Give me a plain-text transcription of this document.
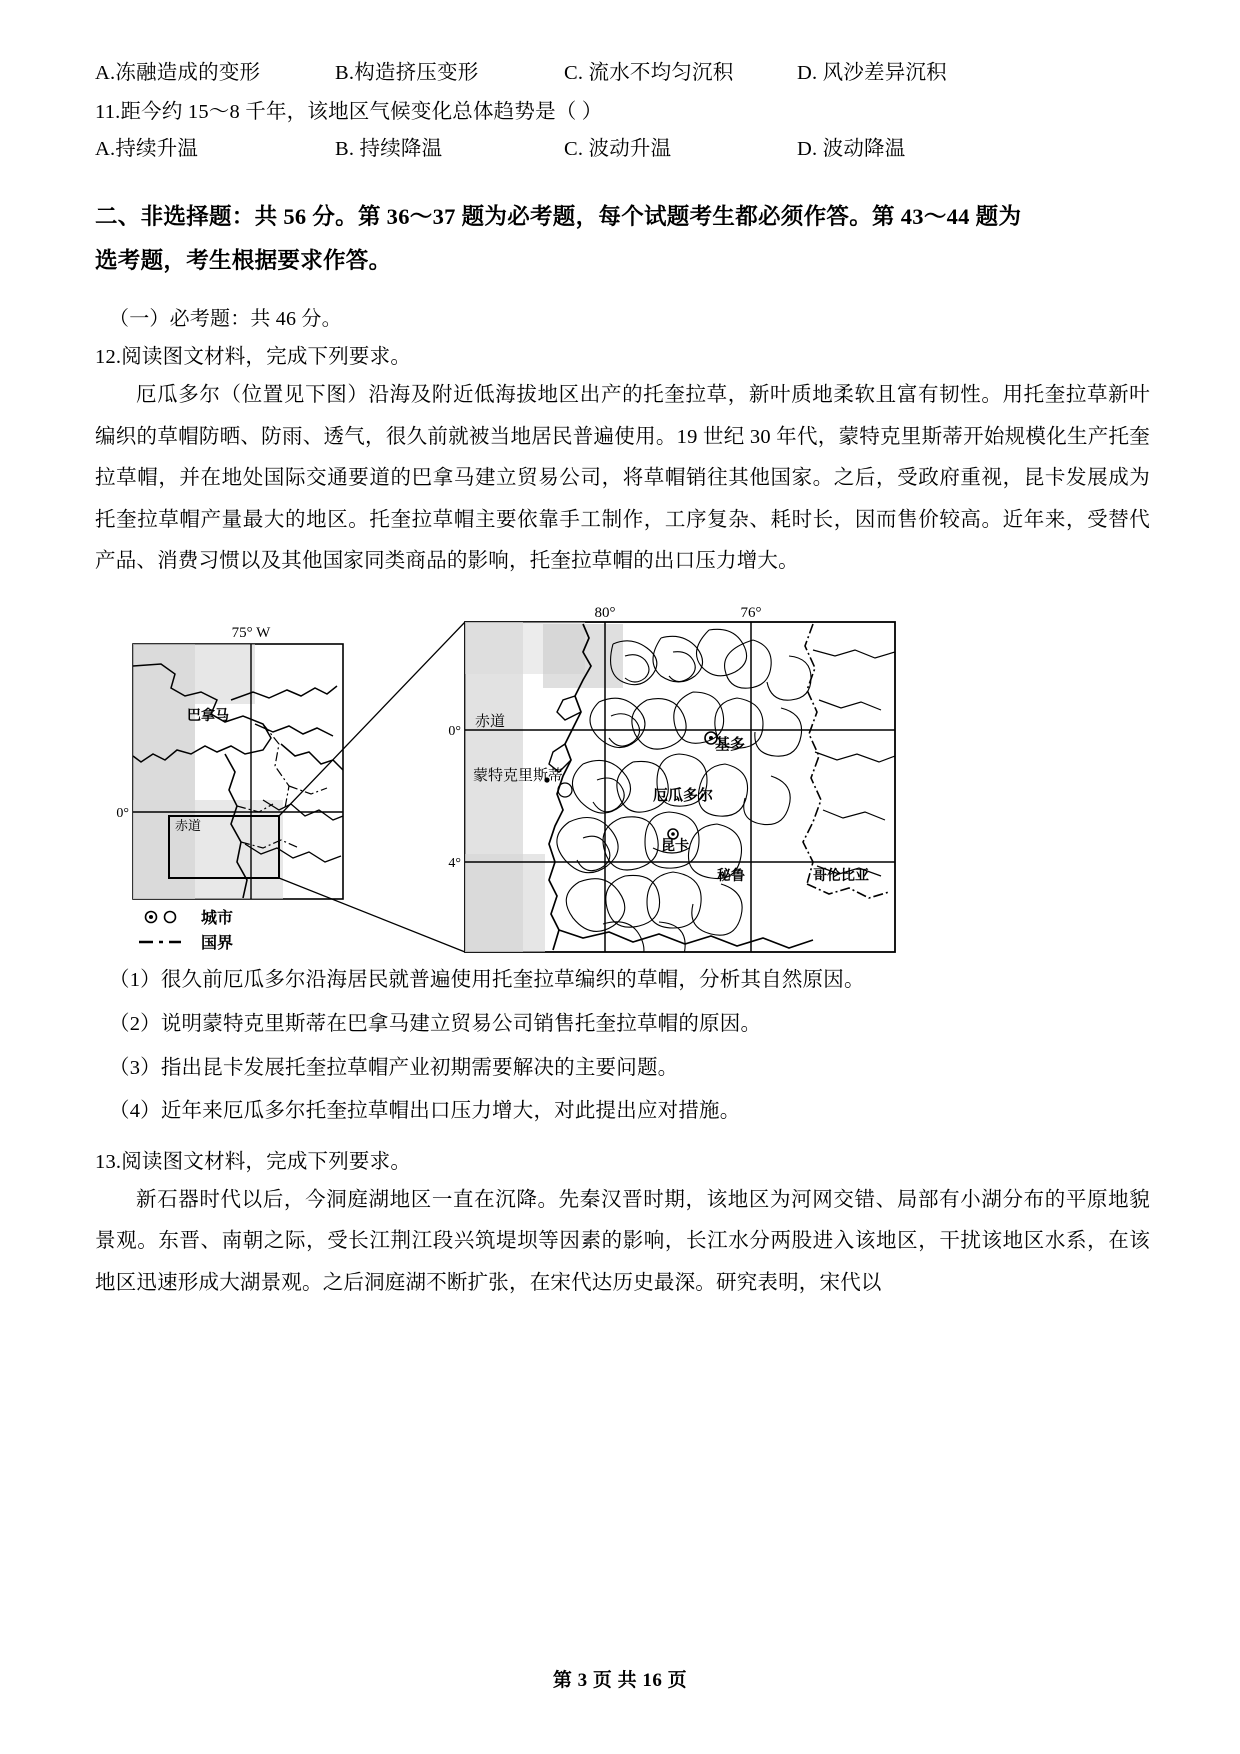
A.冻融造成的变形	B.构造挤压变形	C. 流水不均匀沉积	D. 风沙差异沉积
11.距今约 15～8 千年，该地区气候变化总体趋势是（ ）
A.持续升温	B. 持续降温	C. 波动升温	D. 波动降温
二、非选择题：共 56 分。第 36～37 题为必考题，每个试题考生都必须作答。第 43～44 题为
选考题，考生根据要求作答。
（一）必考题：共 46 分。
12.阅读图文材料，完成下列要求。

厄瓜多尔（位置见下图）沿海及附近低海拔地区出产的托奎拉草，新叶质地柔软且富有韧性。用托奎拉草新叶编织的草帽防晒、防雨、透气，很久前就被当地居民普遍使用。19 世纪 30 年代，蒙特克里斯蒂开始规模化生产托奎拉草帽，并在地处国际交通要道的巴拿马建立贸易公司，将草帽销往其他国家。之后，受政府重视，昆卡发展成为托奎拉草帽产量最大的地区。托奎拉草帽主要依靠手工制作，工序复杂、耗时长，因而售价较高。近年来，受替代产品、消费习惯以及其他国家同类商品的影响，托奎拉草帽的出口压力增大。

75° W
0°
赤道
巴拿马
城市
国界
80°	76°
0°
4°
赤道
蒙特克里斯蒂
基多
厄瓜多尔
昆卡
秘鲁	哥伦比亚
（1）很久前厄瓜多尔沿海居民就普遍使用托奎拉草编织的草帽，分析其自然原因。
（2）说明蒙特克里斯蒂在巴拿马建立贸易公司销售托奎拉草帽的原因。
（3）指出昆卡发展托奎拉草帽产业初期需要解决的主要问题。
（4）近年来厄瓜多尔托奎拉草帽出口压力增大，对此提出应对措施。
13.阅读图文材料，完成下列要求。

新石器时代以后，今洞庭湖地区一直在沉降。先秦汉晋时期，该地区为河网交错、局部有小湖分布的平原地貌景观。东晋、南朝之际，受长江荆江段兴筑堤坝等因素的影响，长江水分两股进入该地区，干扰该地区水系，在该地区迅速形成大湖景观。之后洞庭湖不断扩张，在宋代达历史最深。研究表明，宋代以

第 3 页 共 16 页
